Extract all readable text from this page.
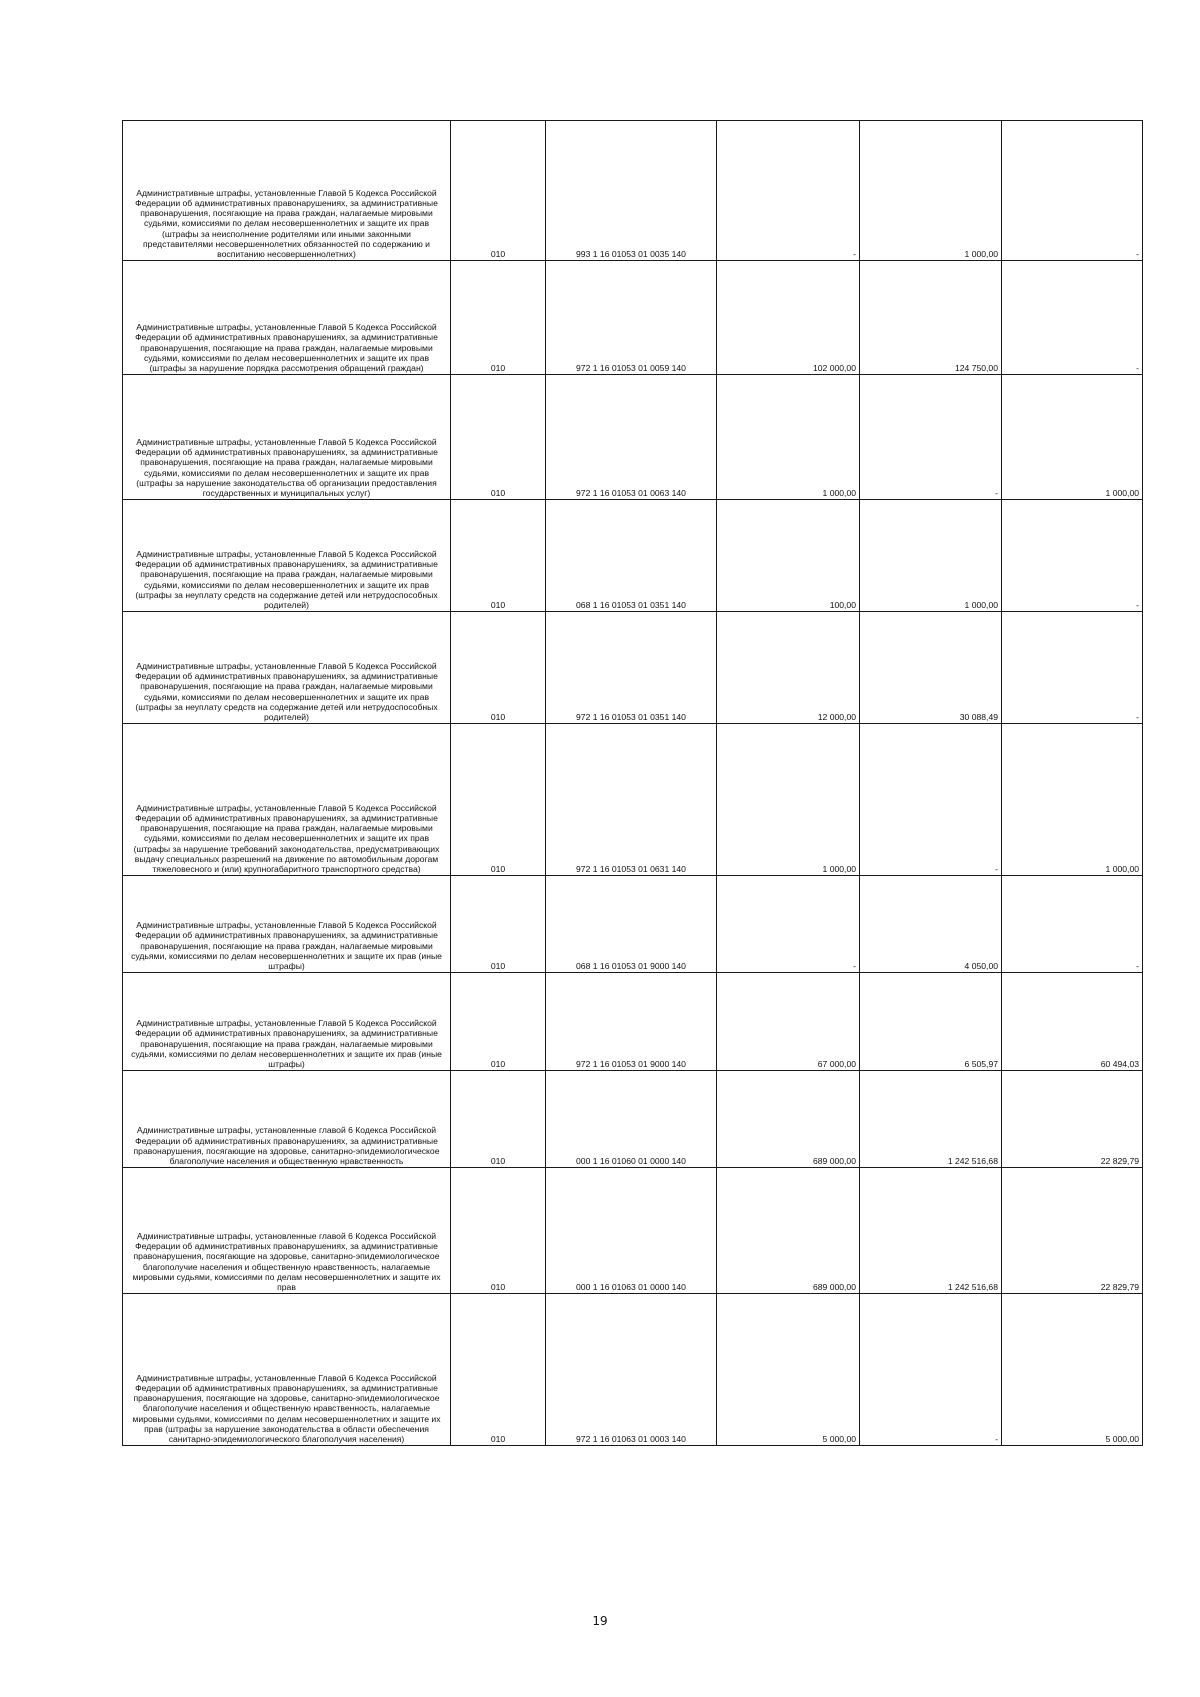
Административные штрафы, установленные Главой 5 Кодекса Российской Федерации об административных правонарушениях, за административные правонарушения, посягающие на права граждан, налагаемые мировыми судьями, комиссиями по делам несовершеннолетних и защите их прав (штрафы за неисполнение родителями или иными законными представителями несовершеннолетних обязанностей по содержанию и воспитанию несовершеннолетних)	010	993 1 16 01053 01 0035 140	-	1 000,00	-
Административные штрафы, установленные Главой 5 Кодекса Российской Федерации об административных правонарушениях, за административные правонарушения, посягающие на права граждан, налагаемые мировыми судьями, комиссиями по делам несовершеннолетних и защите их прав (штрафы за нарушение порядка рассмотрения обращений граждан)	010	972 1 16 01053 01 0059 140	102 000,00	124 750,00	-
Административные штрафы, установленные Главой 5 Кодекса Российской Федерации об административных правонарушениях, за административные правонарушения, посягающие на права граждан, налагаемые мировыми судьями, комиссиями по делам несовершеннолетних и защите их прав (штрафы за нарушение законодательства об организации предоставления государственных и муниципальных услуг)	010	972 1 16 01053 01 0063 140	1 000,00	-	1 000,00
Административные штрафы, установленные Главой 5 Кодекса Российской Федерации об административных правонарушениях, за административные правонарушения, посягающие на права граждан, налагаемые мировыми судьями, комиссиями по делам несовершеннолетних и защите их прав (штрафы за неуплату средств на содержание детей или нетрудоспособных родителей)	010	068 1 16 01053 01 0351 140	100,00	1 000,00	-
Административные штрафы, установленные Главой 5 Кодекса Российской Федерации об административных правонарушениях, за административные правонарушения, посягающие на права граждан, налагаемые мировыми судьями, комиссиями по делам несовершеннолетних и защите их прав (штрафы за неуплату средств на содержание детей или нетрудоспособных родителей)	010	972 1 16 01053 01 0351 140	12 000,00	30 088,49	-
Административные штрафы, установленные Главой 5 Кодекса Российской Федерации об административных правонарушениях, за административные правонарушения, посягающие на права граждан, налагаемые мировыми судьями, комиссиями по делам несовершеннолетних и защите их прав (штрафы за нарушение требований законодательства, предусматривающих выдачу специальных разрешений на движение по автомобильным дорогам тяжеловесного и (или) крупногабаритного транспортного средства)	010	972 1 16 01053 01 0631 140	1 000,00	-	1 000,00
Административные штрафы, установленные Главой 5 Кодекса Российской Федерации об административных правонарушениях, за административные правонарушения, посягающие на права граждан, налагаемые мировыми судьями, комиссиями по делам несовершеннолетних и защите их прав (иные штрафы)	010	068 1 16 01053 01 9000 140	-	4 050,00	-
Административные штрафы, установленные Главой 5 Кодекса Российской Федерации об административных правонарушениях, за административные правонарушения, посягающие на права граждан, налагаемые мировыми судьями, комиссиями по делам несовершеннолетних и защите их прав (иные штрафы)	010	972 1 16 01053 01 9000 140	67 000,00	6 505,97	60 494,03
Административные штрафы, установленные главой 6 Кодекса Российской Федерации об административных правонарушениях, за административные правонарушения, посягающие на здоровье, санитарно-эпидемиологическое благополучие населения и общественную нравственность	010	000 1 16 01060 01 0000 140	689 000,00	1 242 516,68	22 829,79
Административные штрафы, установленные главой 6 Кодекса Российской Федерации об административных правонарушениях, за административные правонарушения, посягающие на здоровье, санитарно-эпидемиологическое благополучие населения и общественную нравственность, налагаемые мировыми судьями, комиссиями по делам несовершеннолетних и защите их прав	010	000 1 16 01063 01 0000 140	689 000,00	1 242 516,68	22 829,79
Административные штрафы, установленные Главой 6 Кодекса Российской Федерации об административных правонарушениях, за административные правонарушения, посягающие на здоровье, санитарно-эпидемиологическое благополучие населения и общественную нравственность, налагаемые мировыми судьями, комиссиями по делам несовершеннолетних и защите их прав (штрафы за нарушение законодательства в области обеспечения санитарно-эпидемиологического благополучия населения)	010	972 1 16 01063 01 0003 140	5 000,00	-	5 000,00
19
